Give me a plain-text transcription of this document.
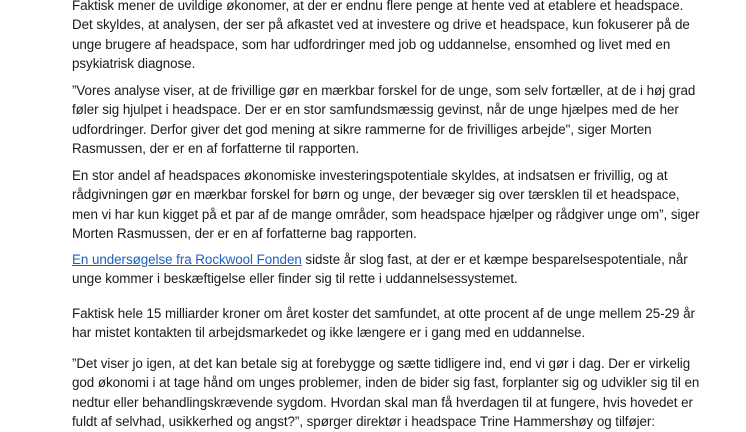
Faktisk mener de uvildige økonomer, at der er endnu flere penge at hente ved at etablere et headspace.
Det skyldes, at analysen, der ser på afkastet ved at investere og drive et headspace, kun fokuserer på de
unge brugere af headspace, som har udfordringer med job og uddannelse, ensomhed og livet med en
psykiatrisk diagnose.

”Vores analyse viser, at de frivillige gør en mærkbar forskel for de unge, som selv fortæller, at de i høj grad
føler sig hjulpet i headspace. Der er en stor samfundsmæssig gevinst, når de unge hjælpes med de her
udfordringer. Derfor giver det god mening at sikre rammerne for de frivilliges arbejde", siger Morten
Rasmussen, der er en af forfatterne til rapporten.

En stor andel af headspaces økonomiske investeringspotentiale skyldes, at indsatsen er frivillig, og at
rådgivningen gør en mærkbar forskel for børn og unge, der bevæger sig over tærsklen til et headspace,
men vi har kun kigget på et par af de mange områder, som headspace hjælper og rådgiver unge om”, siger
Morten Rasmussen, der er en af forfatterne bag rapporten.

En undersøgelse fra Rockwool Fonden sidste år slog fast, at der er et kæmpe besparelsespotentiale, når
unge kommer i beskæftigelse eller finder sig til rette i uddannelsessystemet.

Faktisk hele 15 milliarder kroner om året koster det samfundet, at otte procent af de unge mellem 25-29 år
har mistet kontakten til arbejdsmarkedet og ikke længere er i gang med en uddannelse.

”Det viser jo igen, at det kan betale sig at forebygge og sætte tidligere ind, end vi gør i dag. Der er virkelig
god økonomi i at tage hånd om unges problemer, inden de bider sig fast, forplanter sig og udvikler sig til en
nedtur eller behandlingskrævende sygdom. Hvordan skal man få hverdagen til at fungere, hvis hovedet er
fuldt af selvhad, usikkerhed og angst?”, spørger direktør i headspace Trine Hammershøy og tilføjer:
